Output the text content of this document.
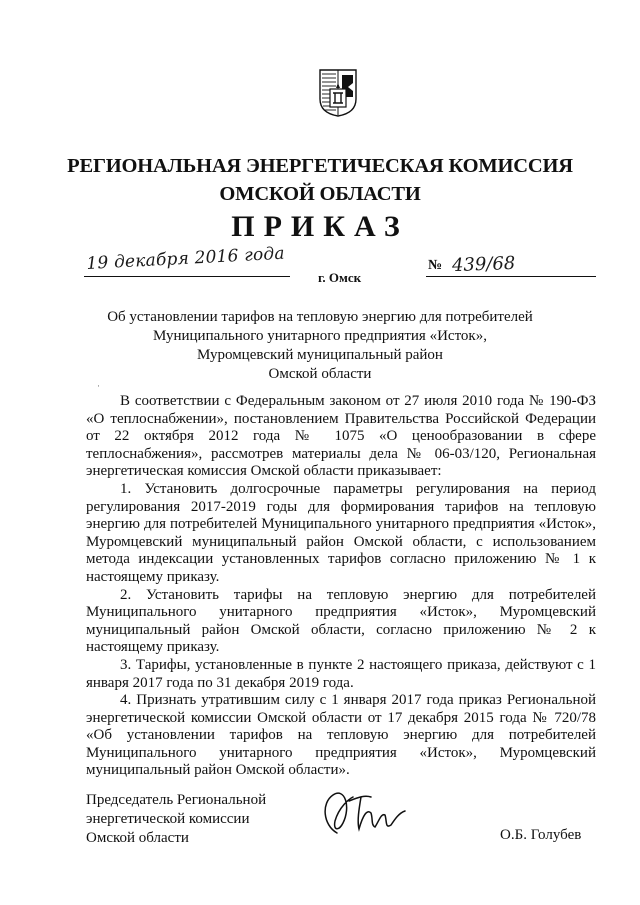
РЕГИОНАЛЬНАЯ ЭНЕРГЕТИЧЕСКАЯ КОМИССИЯ
ОМСКОЙ ОБЛАСТИ
ПРИКАЗ
19 декабря 2016 года
г. Омск
№ 439/68
Об установлении тарифов на тепловую энергию для потребителей
Муниципального унитарного предприятия «Исток»,
Муромцевский муниципальный район
Омской области
·

В соответствии с Федеральным законом от 27 июля 2010 года № 190-ФЗ «О теплоснабжении», постановлением Правительства Российской Федерации от 22 октября 2012 года № 1075 «О ценообразовании в сфере теплоснабжения», рассмотрев материалы дела № 06-03/120, Региональная энергетическая комиссия Омской области приказывает:

1. Установить долгосрочные параметры регулирования на период регулирования 2017-2019 годы для формирования тарифов на тепловую энергию для потребителей Муниципального унитарного предприятия «Исток», Муромцевский муниципальный район Омской области, с использованием метода индексации установленных тарифов согласно приложению № 1 к настоящему приказу.

2. Установить тарифы на тепловую энергию для потребителей Муниципального унитарного предприятия «Исток», Муромцевский муниципальный район Омской области, согласно приложению № 2 к настоящему приказу.

3. Тарифы, установленные в пункте 2 настоящего приказа, действуют с 1 января 2017 года по 31 декабря 2019 года.

4. Признать утратившим силу с 1 января 2017 года приказ Региональной энергетической комиссии Омской области от 17 декабря 2015 года № 720/78 «Об установлении тарифов на тепловую энергию для потребителей Муниципального унитарного предприятия «Исток», Муромцевский муниципальный район Омской области».

Председатель Региональной
энергетической комиссии
Омской области	О.Б. Голубев
